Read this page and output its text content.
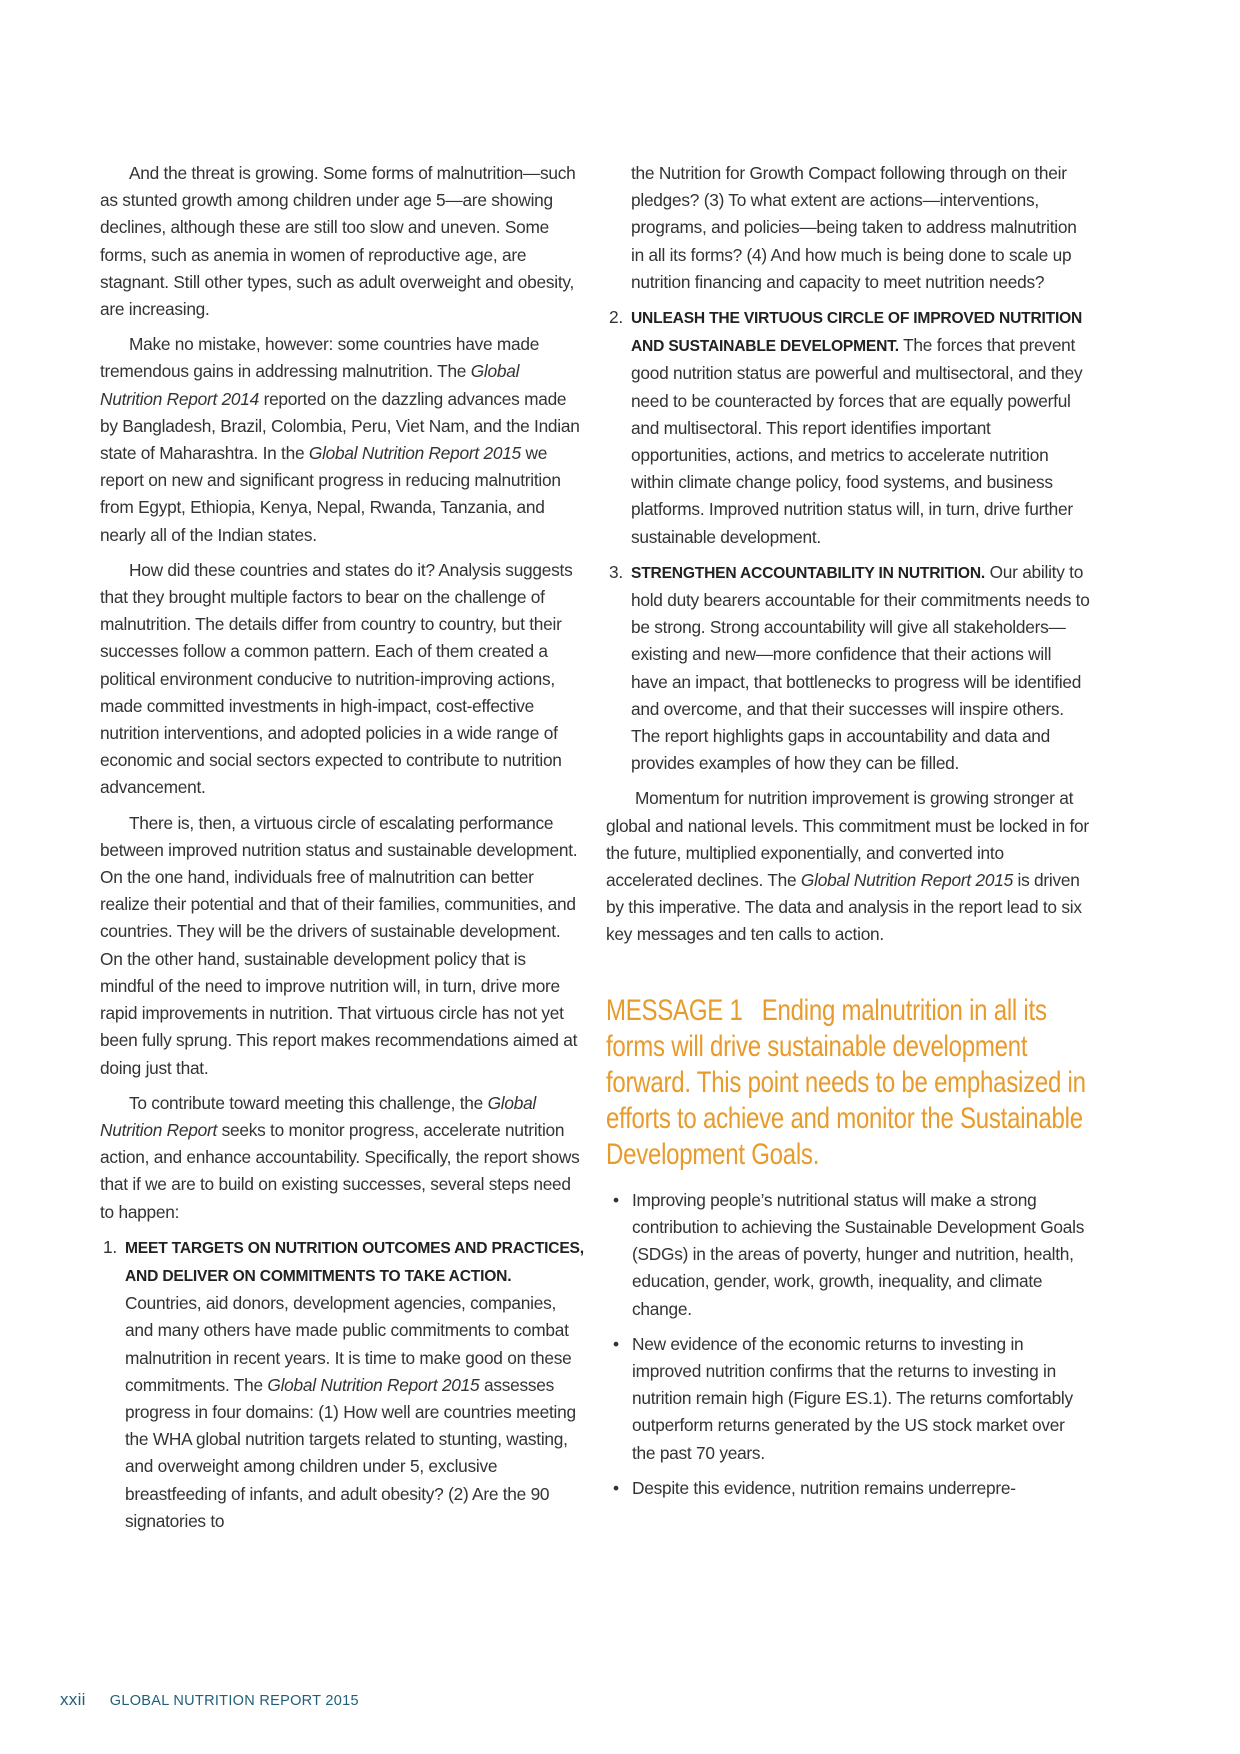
And the threat is growing. Some forms of malnutrition—such as stunted growth among children under age 5—are showing declines, although these are still too slow and uneven. Some forms, such as anemia in women of reproductive age, are stagnant. Still other types, such as adult overweight and obesity, are increasing.

Make no mistake, however: some countries have made tremendous gains in addressing malnutrition. The Global Nutrition Report 2014 reported on the dazzling advances made by Bangladesh, Brazil, Colombia, Peru, Viet Nam, and the Indian state of Maharashtra. In the Global Nutrition Report 2015 we report on new and significant progress in reducing malnutrition from Egypt, Ethiopia, Kenya, Nepal, Rwanda, Tanzania, and nearly all of the Indian states.

How did these countries and states do it? Analysis suggests that they brought multiple factors to bear on the challenge of malnutrition. The details differ from country to country, but their successes follow a common pattern. Each of them created a political environment conducive to nutrition-improving actions, made committed investments in high-impact, cost-effective nutrition interventions, and adopted policies in a wide range of economic and social sectors expected to contribute to nutrition advancement.

There is, then, a virtuous circle of escalating performance between improved nutrition status and sustainable development. On the one hand, individuals free of malnutrition can better realize their potential and that of their families, communities, and countries. They will be the drivers of sustainable development. On the other hand, sustainable development policy that is mindful of the need to improve nutrition will, in turn, drive more rapid improvements in nutrition. That virtuous circle has not yet been fully sprung. This report makes recommendations aimed at doing just that.

To contribute toward meeting this challenge, the Global Nutrition Report seeks to monitor progress, accelerate nutrition action, and enhance accountability. Specifically, the report shows that if we are to build on existing successes, several steps need to happen:

1. MEET TARGETS ON NUTRITION OUTCOMES AND PRACTICES, AND DELIVER ON COMMITMENTS TO TAKE ACTION. Countries, aid donors, development agencies, companies, and many others have made public commitments to combat malnutrition in recent years. It is time to make good on these commitments. The Global Nutrition Report 2015 assesses progress in four domains: (1) How well are countries meeting the WHA global nutrition targets related to stunting, wasting, and overweight among children under 5, exclusive breastfeeding of infants, and adult obesity? (2) Are the 90 signatories to
the Nutrition for Growth Compact following through on their pledges? (3) To what extent are actions—interventions, programs, and policies—being taken to address malnutrition in all its forms? (4) And how much is being done to scale up nutrition financing and capacity to meet nutrition needs?
2. UNLEASH THE VIRTUOUS CIRCLE OF IMPROVED NUTRITION AND SUSTAINABLE DEVELOPMENT. The forces that prevent good nutrition status are powerful and multisectoral, and they need to be counteracted by forces that are equally powerful and multisectoral. This report identifies important opportunities, actions, and metrics to accelerate nutrition within climate change policy, food systems, and business platforms. Improved nutrition status will, in turn, drive further sustainable development.
3. STRENGTHEN ACCOUNTABILITY IN NUTRITION. Our ability to hold duty bearers accountable for their commitments needs to be strong. Strong accountability will give all stakeholders—existing and new—more confidence that their actions will have an impact, that bottlenecks to progress will be identified and overcome, and that their successes will inspire others. The report highlights gaps in accountability and data and provides examples of how they can be filled.

Momentum for nutrition improvement is growing stronger at global and national levels. This commitment must be locked in for the future, multiplied exponentially, and converted into accelerated declines. The Global Nutrition Report 2015 is driven by this imperative. The data and analysis in the report lead to six key messages and ten calls to action.

MESSAGE 1 Ending malnutrition in all its forms will drive sustainable development forward. This point needs to be emphasized in efforts to achieve and monitor the Sustainable Development Goals.
• Improving people’s nutritional status will make a strong contribution to achieving the Sustainable Development Goals (SDGs) in the areas of poverty, hunger and nutrition, health, education, gender, work, growth, inequality, and climate change.
• New evidence of the economic returns to investing in improved nutrition confirms that the returns to investing in nutrition remain high (Figure ES.1). The returns comfortably outperform returns generated by the US stock market over the past 70 years.
• Despite this evidence, nutrition remains underrepre-
xxii GLOBAL NUTRITION REPORT 2015
